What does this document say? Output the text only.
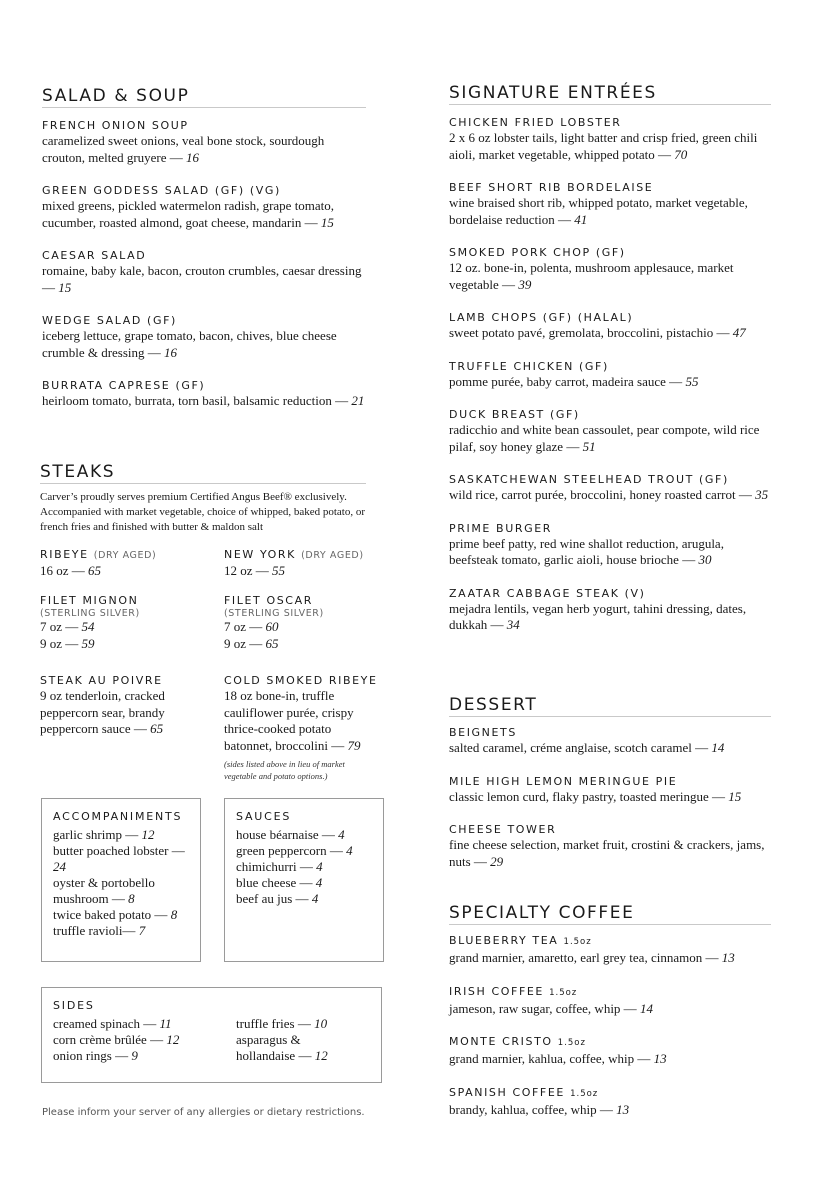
SALAD & SOUP
FRENCH ONION SOUP
caramelized sweet onions, veal bone stock, sourdough crouton, melted gruyere — 16
GREEN GODDESS SALAD (GF) (VG)
mixed greens, pickled watermelon radish, grape tomato, cucumber, roasted almond, goat cheese, mandarin — 15
CAESAR SALAD
romaine, baby kale, bacon, crouton crumbles, caesar dressing — 15
WEDGE SALAD (GF)
iceberg lettuce, grape tomato, bacon, chives, blue cheese crumble & dressing — 16
BURRATA CAPRESE (GF)
heirloom tomato, burrata, torn basil, balsamic reduction — 21
STEAKS
Carver’s proudly serves premium Certified Angus Beef® exclusively. Accompanied with market vegetable, choice of whipped, baked potato, or french fries and finished with butter & maldon salt
RIBEYE (DRY AGED)
16 oz — 65
NEW YORK (DRY AGED)
12 oz — 55
FILET MIGNON
(STERLING SILVER)
7 oz — 54
9 oz — 59
FILET OSCAR
(STERLING SILVER)
7 oz — 60
9 oz — 65
STEAK AU POIVRE
9 oz tenderloin, cracked peppercorn sear, brandy peppercorn sauce — 65
COLD SMOKED RIBEYE
18 oz bone-in, truffle cauliflower purée, crispy thrice-cooked potato batonnet, broccolini — 79
(sides listed above in lieu of market vegetable and potato options.)
ACCOMPANIMENTS
garlic shrimp — 12
butter poached lobster — 24
oyster & portobello mushroom — 8
twice baked potato — 8
truffle ravioli— 7
SAUCES
house béarnaise — 4
green peppercorn — 4
chimichurri — 4
blue cheese — 4
beef au jus — 4
SIDES
creamed spinach — 11
corn crème brûlée — 12
onion rings — 9
truffle fries — 10
asparagus & hollandaise — 12
Please inform your server of any allergies or dietary restrictions.
SIGNATURE ENTRÉES
CHICKEN FRIED LOBSTER
2 x 6 oz lobster tails, light batter and crisp fried, green chili aioli, market vegetable, whipped potato — 70
BEEF SHORT RIB BORDELAISE
wine braised short rib, whipped potato, market vegetable, bordelaise reduction — 41
SMOKED PORK CHOP (GF)
12 oz. bone-in, polenta, mushroom applesauce, market vegetable — 39
LAMB CHOPS (GF) (HALAL)
sweet potato pavé, gremolata, broccolini, pistachio — 47
TRUFFLE CHICKEN (GF)
pomme purée, baby carrot, madeira sauce — 55
DUCK BREAST (GF)
radicchio and white bean cassoulet, pear compote, wild rice pilaf, soy honey glaze — 51
SASKATCHEWAN STEELHEAD TROUT (GF)
wild rice, carrot purée, broccolini, honey roasted carrot — 35
PRIME BURGER
prime beef patty, red wine shallot reduction, arugula, beefsteak tomato, garlic aioli, house brioche — 30
ZAATAR CABBAGE STEAK (V)
mejadra lentils, vegan herb yogurt, tahini dressing, dates, dukkah — 34
DESSERT
BEIGNETS
salted caramel, créme anglaise, scotch caramel — 14
MILE HIGH LEMON MERINGUE PIE
classic lemon curd, flaky pastry, toasted meringue — 15
CHEESE TOWER
fine cheese selection, market fruit, crostini & crackers, jams, nuts — 29
SPECIALTY COFFEE
BLUEBERRY TEA 1.5oz
grand marnier, amaretto, earl grey tea, cinnamon — 13
IRISH COFFEE 1.5oz
jameson, raw sugar, coffee, whip — 14
MONTE CRISTO 1.5oz
grand marnier, kahlua, coffee, whip — 13
SPANISH COFFEE 1.5oz
brandy, kahlua, coffee, whip — 13
